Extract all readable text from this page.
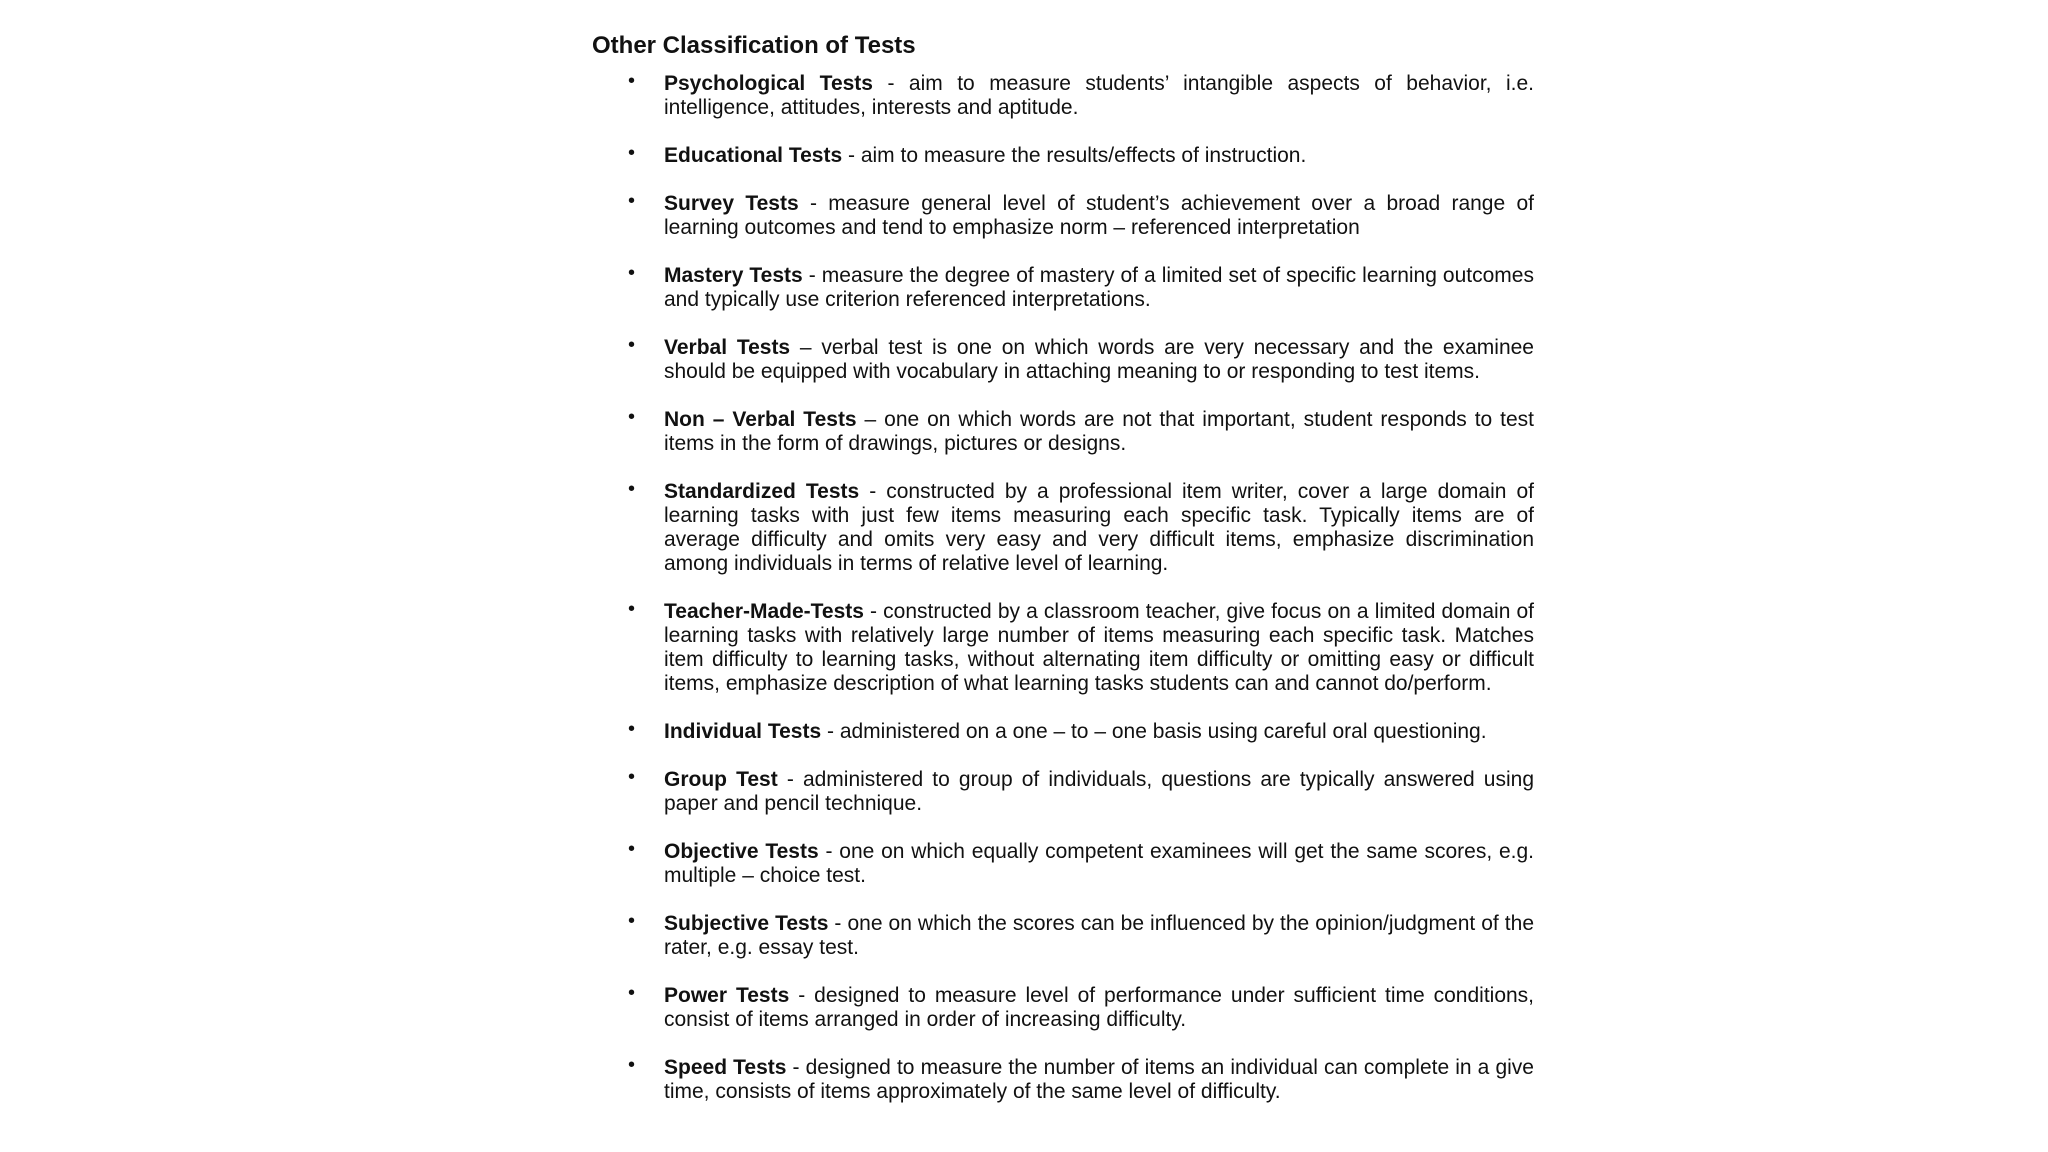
Other Classification of Tests
• Psychological Tests - aim to measure students’ intangible aspects of behavior, i.e. intelligence, attitudes, interests and aptitude.
• Educational Tests - aim to measure the results/effects of instruction.
• Survey Tests - measure general level of student’s achievement over a broad range of learning outcomes and tend to emphasize norm – referenced interpretation
• Mastery Tests - measure the degree of mastery of a limited set of specific learning outcomes and typically use criterion referenced interpretations.
• Verbal Tests – verbal test is one on which words are very necessary and the examinee should be equipped with vocabulary in attaching meaning to or responding to test items.
• Non – Verbal Tests – one on which words are not that important, student responds to test items in the form of drawings, pictures or designs.
• Standardized Tests - constructed by a professional item writer, cover a large domain of learning tasks with just few items measuring each specific task. Typically items are of average difficulty and omits very easy and very difficult items, emphasize discrimination among individuals in terms of relative level of learning.
• Teacher-Made-Tests - constructed by a classroom teacher, give focus on a limited domain of learning tasks with relatively large number of items measuring each specific task. Matches item difficulty to learning tasks, without alternating item difficulty or omitting easy or difficult items, emphasize description of what learning tasks students can and cannot do/perform.
• Individual Tests - administered on a one – to – one basis using careful oral questioning.
• Group Test - administered to group of individuals, questions are typically answered using paper and pencil technique.
• Objective Tests - one on which equally competent examinees will get the same scores, e.g. multiple – choice test.
• Subjective Tests - one on which the scores can be influenced by the opinion/judgment of the rater, e.g. essay test.
• Power Tests - designed to measure level of performance under sufficient time conditions, consist of items arranged in order of increasing difficulty.
• Speed Tests - designed to measure the number of items an individual can complete in a give time, consists of items approximately of the same level of difficulty.
